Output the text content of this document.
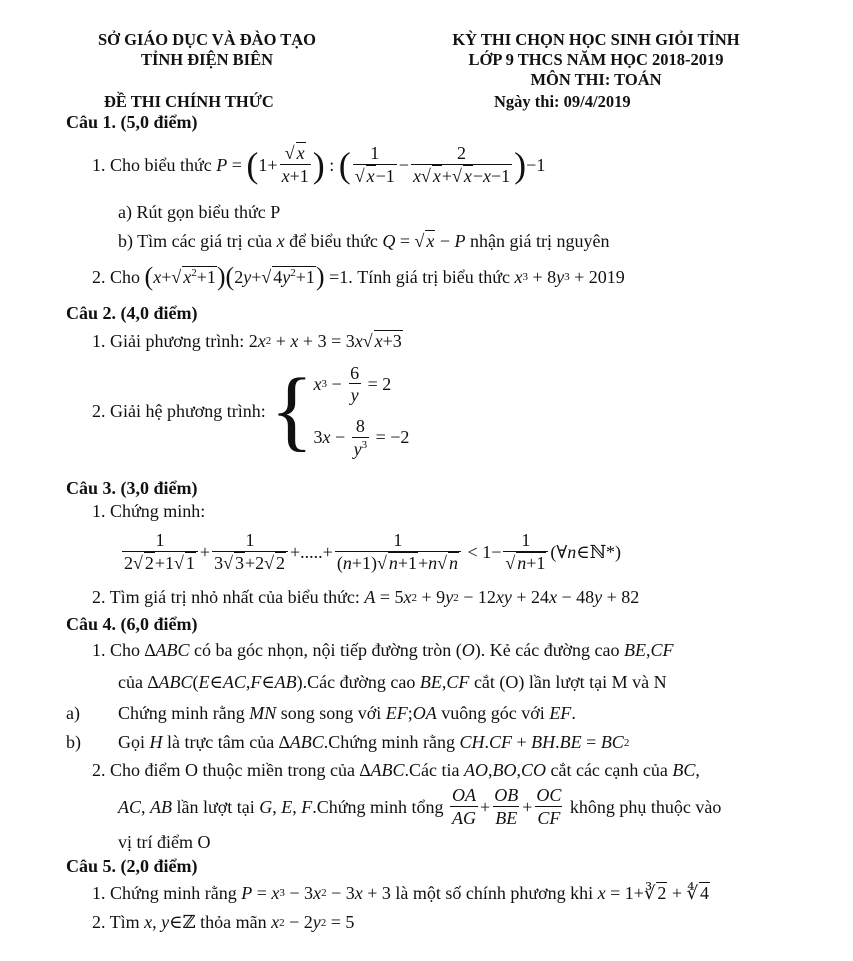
SỞ GIÁO DỤC VÀ ĐÀO TẠO
TỈNH ĐIỆN BIÊN
KỲ THI CHỌN HỌC SINH GIỎI TỈNH
LỚP 9 THCS NĂM HỌC 2018-2019
MÔN THI: TOÁN
ĐỀ THI CHÍNH THỨC	Ngày thi: 09/4/2019
Câu 1. (5,0 điểm)
1. Cho biểu thức
P = ( $1+ \frac{√ x}{x+1}$ ) : ( $\frac{1}{√ x-1} - \frac{2}{x√ x+√ x-x-1}$ ) −1
a) Rút gọn biểu thức P
b) Tìm các giá trị của
x
để biểu thức
Q = √ x − P
nhận giá trị nguyên
2. Cho
( x +√ $x^2+1$ )( 2 y +√ $4y^2+1$ ) =1. Tính giá trị biểu thức
x 3 + 8 y 3 + 2019
Câu 2. (4,0 điểm)
1. Giải phương trình: 2 x 2 + x + 3 = 3 x √ x+3
2. Giải hệ phương trình:
{ x $3 - \frac{6}{y} = 2$
3 $x - \frac{8}{y^3} = -2$
Câu 3. (3,0 điểm)
1. Chứng minh:
$\frac{1}{2√ 2+1√ 1} + \frac{1}{3√ 3+2√ 2}$ +.....+ $\frac{1}{(n+1)√ n+1+n√ n} < 1- \frac{1}{√ n+1}$ (∀ n ∈ℕ*)
2. Tìm giá trị nhỏ nhất của biểu thức:
A = 5 x 2 + 9 y 2 − 12 xy + 24 x − 48 y + 82
Câu 4. (6,0 điểm)
1. Cho ∆ ABC
có ba góc nhọn, nội tiếp đường tròn ( O ) . Kẻ các đường cao
BE , CF
của ∆ ABC ( E ∈ AC , F ∈ AB ) .Các đường cao
BE , CF
cắt (O) lần lượt tại M và N
a)	Chứng minh rằng
MN
song song với
EF ; OA
vuông góc với
EF .
b)	Gọi
H
là trực tâm của ∆ ABC .Chứng minh rằng
CH . CF + BH . BE = BC 2
2. Cho điểm O thuộc miền trong của ∆ ABC .Các tia
AO , BO , CO
cắt các cạnh của
BC ,
AC , AB
lần lượt tại
G , E , F .Chứng minh tổng
$\frac{OA}{AG} + \frac{OB}{BE} + \frac{OC}{CF}$
không phụ thuộc vào
vị trí điểm O
Câu 5. (2,0 điểm)
1. Chứng minh rằng
P = x 3 − 3 x 2 − 3 x + 3 là một số chính phương khi
x = 1+∛ 2 + ∜ 4
2. Tìm
x , y ∈ℤ thỏa mãn
x 2 − 2 y 2 = 5
